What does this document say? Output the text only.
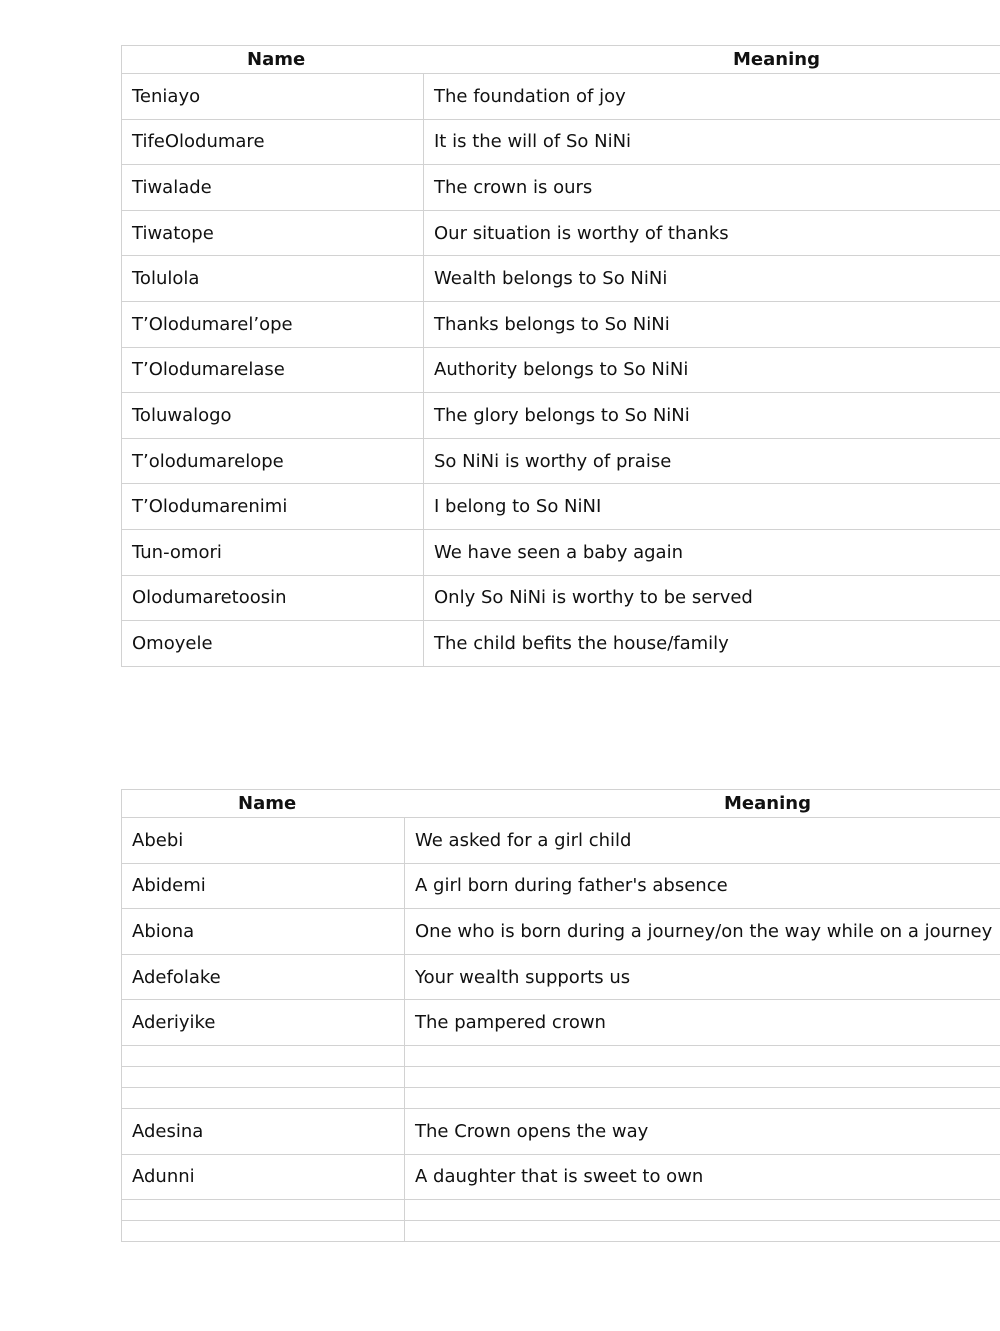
Name Meaning	

Teniayo	The foundation of joy
TifeOlodumare	It is the will of So NiNi
Tiwalade	The crown is ours
Tiwatope	Our situation is worthy of thanks
Tolulola	Wealth belongs to So NiNi
T’Olodumarel’ope	Thanks belongs to So NiNi
T’Olodumarelase	Authority belongs to So NiNi
Toluwalogo	The glory belongs to So NiNi
T’olodumarelope	So NiNi is worthy of praise
T’Olodumarenimi	I belong to So NiNI
Tun-omori	We have seen a baby again
Olodumaretoosin	Only So NiNi is worthy to be served
Omoyele	The child befits the house/family
Name Meaning	

Abebi	We asked for a girl child
Abidemi	A girl born during father's absence
Abiona	One who is born during a journey/on the way while on a journey
Adefolake	Your wealth supports us
Aderiyike	The pampered crown

Adesina	The Crown opens the way
Adunni	A daughter that is sweet to own
